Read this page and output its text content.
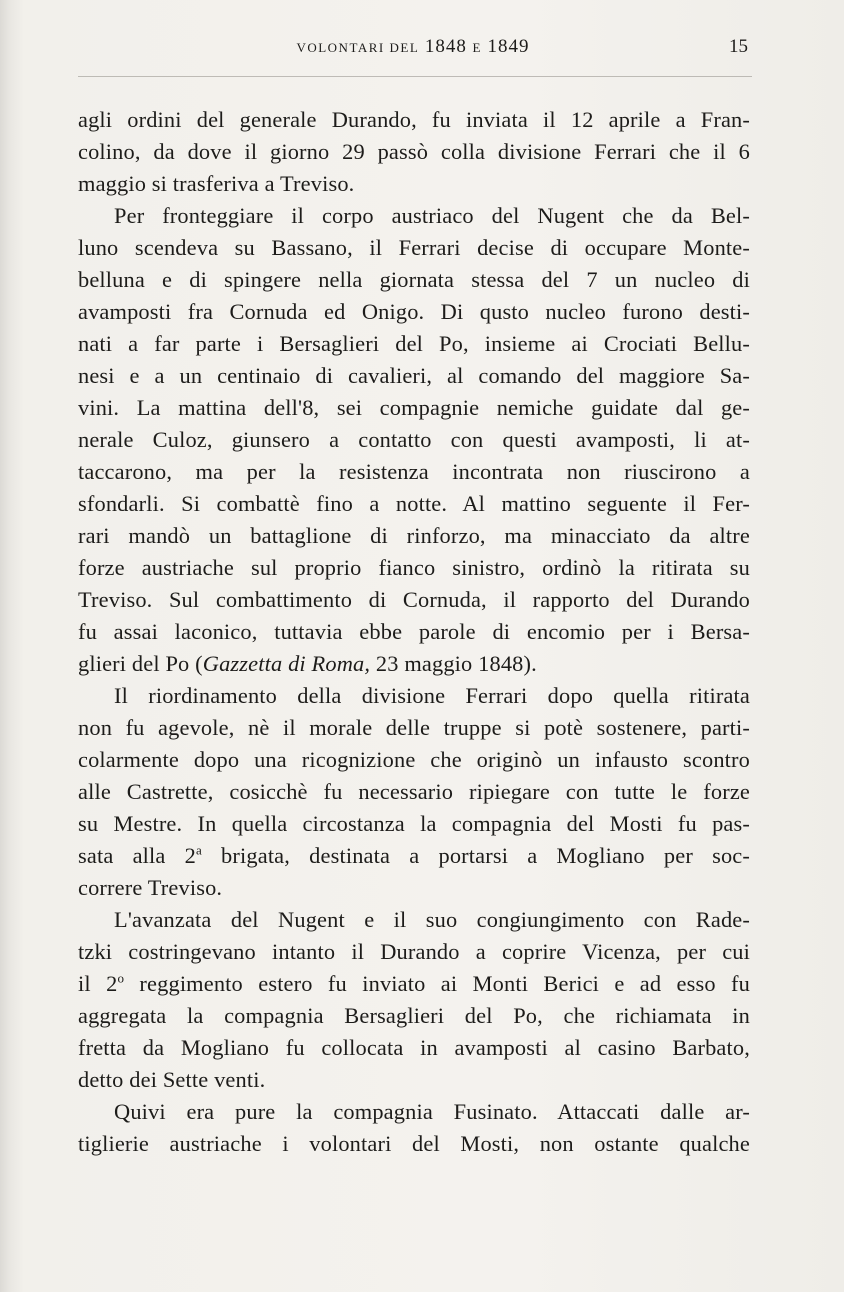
VOLONTARI DEL 1848 E 1849	15
agli ordini del generale Durando, fu inviata il 12 aprile a Fran-
colino, da dove il giorno 29 passò colla divisione Ferrari che il 6
maggio si trasferiva a Treviso.
Per fronteggiare il corpo austriaco del Nugent che da Bel-
luno scendeva su Bassano, il Ferrari decise di occupare Monte-
belluna e di spingere nella giornata stessa del 7 un nucleo di
avamposti fra Cornuda ed Onigo. Di qusto nucleo furono desti-
nati a far parte i Bersaglieri del Po, insieme ai Crociati Bellu-
nesi e a un centinaio di cavalieri, al comando del maggiore Sa-
vini. La mattina dell'8, sei compagnie nemiche guidate dal ge-
nerale Culoz, giunsero a contatto con questi avamposti, li at-
taccarono, ma per la resistenza incontrata non riuscirono a
sfondarli. Si combattè fino a notte. Al mattino seguente il Fer-
rari mandò un battaglione di rinforzo, ma minacciato da altre
forze austriache sul proprio fianco sinistro, ordinò la ritirata su
Treviso. Sul combattimento di Cornuda, il rapporto del Durando
fu assai laconico, tuttavia ebbe parole di encomio per i Bersa-
glieri del Po (Gazzetta di Roma, 23 maggio 1848).
Il riordinamento della divisione Ferrari dopo quella ritirata
non fu agevole, nè il morale delle truppe si potè sostenere, parti-
colarmente dopo una ricognizione che originò un infausto scontro
alle Castrette, cosicchè fu necessario ripiegare con tutte le forze
su Mestre. In quella circostanza la compagnia del Mosti fu pas-
sata alla 2$^a$ brigata, destinata a portarsi a Mogliano per soc-
correre Treviso.
L'avanzata del Nugent e il suo congiungimento con Rade-
tzki costringevano intanto il Durando a coprire Vicenza, per cui
il 2$^o$ reggimento estero fu inviato ai Monti Berici e ad esso fu
aggregata la compagnia Bersaglieri del Po, che richiamata in
fretta da Mogliano fu collocata in avamposti al casino Barbato,
detto dei Sette venti.
Quivi era pure la compagnia Fusinato. Attaccati dalle ar-
tiglierie austriache i volontari del Mosti, non ostante qualche
